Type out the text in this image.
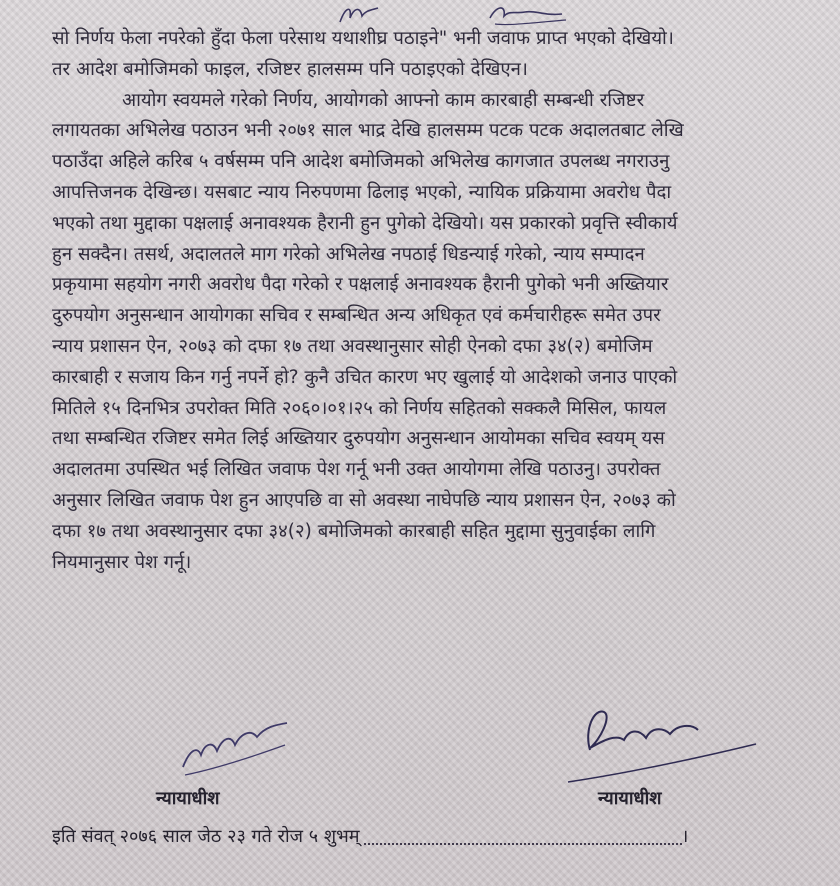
सो निर्णय फेला नपरेको हुँदा फेला परेसाथ यथाशीघ्र पठाइने" भनी जवाफ प्राप्त भएको देखियो।
तर आदेश बमोजिमको फाइल, रजिष्टर हालसम्म पनि पठाइएको देखिएन।
आयोग स्वयमले गरेको निर्णय, आयोगको आफ्नो काम कारबाही सम्बन्धी रजिष्टर
लगायतका अभिलेख पठाउन भनी २०७१ साल भाद्र देखि हालसम्म पटक पटक अदालतबाट लेखि
पठाउँदा अहिले करिब ५ वर्षसम्म पनि आदेश बमोजिमको अभिलेख कागजात उपलब्ध नगराउनु
आपत्तिजनक देखिन्छ। यसबाट न्याय निरुपणमा ढिलाइ भएको, न्यायिक प्रक्रियामा अवरोध पैदा
भएको तथा मुद्दाका पक्षलाई अनावश्यक हैरानी हुन पुगेको देखियो। यस प्रकारको प्रवृत्ति स्वीकार्य
हुन सक्दैन। तसर्थ, अदालतले माग गरेको अभिलेख नपठाई धिडन्याई गरेको, न्याय सम्पादन
प्रकृयामा सहयोग नगरी अवरोध पैदा गरेको र पक्षलाई अनावश्यक हैरानी पुगेको भनी अख्तियार
दुरुपयोग अनुसन्धान आयोगका सचिव र सम्बन्धित अन्य अधिकृत एवं कर्मचारीहरू समेत उपर
न्याय प्रशासन ऐन, २०७३ को दफा १७ तथा अवस्थानुसार सोही ऐनको दफा ३४(२) बमोजिम
कारबाही र सजाय किन गर्नु नपर्ने हो? कुनै उचित कारण भए खुलाई यो आदेशको जनाउ पाएको
मितिले १५ दिनभित्र उपरोक्त मिति २०६०।०१।२५ को निर्णय सहितको सक्कलै मिसिल, फायल
तथा सम्बन्धित रजिष्टर समेत लिई अख्तियार दुरुपयोग अनुसन्धान आयोमका सचिव स्वयम् यस
अदालतमा उपस्थित भई लिखित जवाफ पेश गर्नू भनी उक्त आयोगमा लेखि पठाउनु। उपरोक्त
अनुसार लिखित जवाफ पेश हुन आएपछि वा सो अवस्था नाघेपछि न्याय प्रशासन ऐन, २०७३ को
दफा १७ तथा अवस्थानुसार दफा ३४(२) बमोजिमको कारबाही सहित मुद्दामा सुनुवाईका लागि
नियमानुसार पेश गर्नू।
न्यायाधीश	न्यायाधीश
इति संवत् २०७६ साल जेठ २३ गते रोज ५ शुभम्	।
